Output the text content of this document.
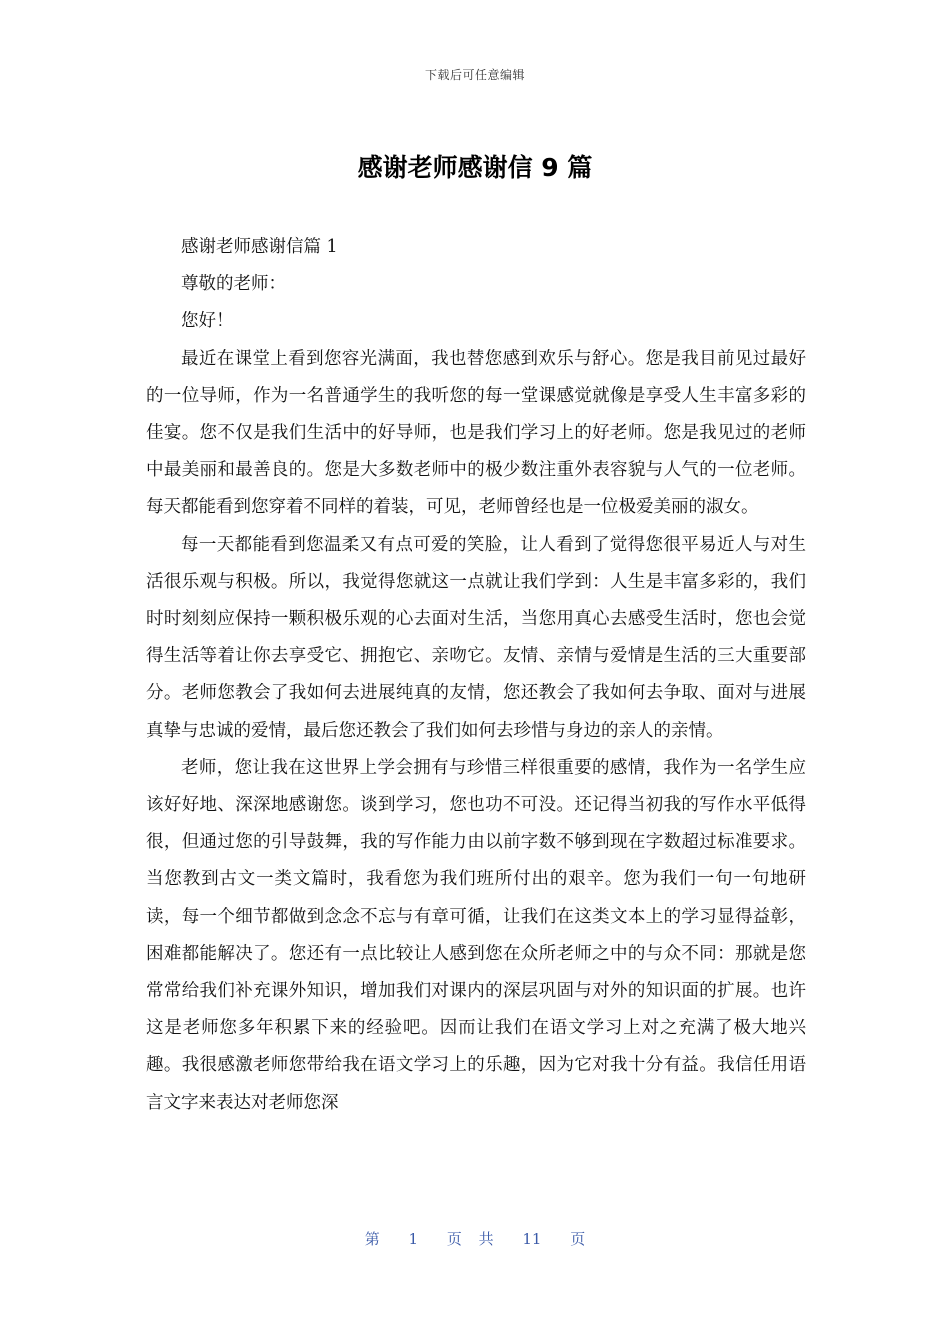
下载后可任意编辑
感谢老师感谢信 9 篇

感谢老师感谢信篇 1

尊敬的老师：

您好！

最近在课堂上看到您容光满面，我也替您感到欢乐与舒心。您是我目前见过最好的一位导师，作为一名普通学生的我听您的每一堂课感觉就像是享受人生丰富多彩的佳宴。您不仅是我们生活中的好导师，也是我们学习上的好老师。您是我见过的老师中最美丽和最善良的。您是大多数老师中的极少数注重外表容貌与人气的一位老师。每天都能看到您穿着不同样的着装，可见，老师曾经也是一位极爱美丽的淑女。

每一天都能看到您温柔又有点可爱的笑脸，让人看到了觉得您很平易近人与对生活很乐观与积极。所以，我觉得您就这一点就让我们学到：人生是丰富多彩的，我们时时刻刻应保持一颗积极乐观的心去面对生活，当您用真心去感受生活时，您也会觉得生活等着让你去享受它、拥抱它、亲吻它。友情、亲情与爱情是生活的三大重要部分。老师您教会了我如何去进展纯真的友情，您还教会了我如何去争取、面对与进展真挚与忠诚的爱情，最后您还教会了我们如何去珍惜与身边的亲人的亲情。

老师，您让我在这世界上学会拥有与珍惜三样很重要的感情，我作为一名学生应该好好地、深深地感谢您。谈到学习，您也功不可没。还记得当初我的写作水平低得很，但通过您的引导鼓舞，我的写作能力由以前字数不够到现在字数超过标准要求。当您教到古文一类文篇时，我看您为我们班所付出的艰辛。您为我们一句一句地研读，每一个细节都做到念念不忘与有章可循，让我们在这类文本上的学习显得益彰，困难都能解决了。您还有一点比较让人感到您在众所老师之中的与众不同：那就是您常常给我们补充课外知识，增加我们对课内的深层巩固与对外的知识面的扩展。也许这是老师您多年积累下来的经验吧。因而让我们在语文学习上对之充满了极大地兴趣。我很感激老师您带给我在语文学习上的乐趣，因为它对我十分有益。我信任用语言文字来表达对老师您深

第 1 页 共 11 页
